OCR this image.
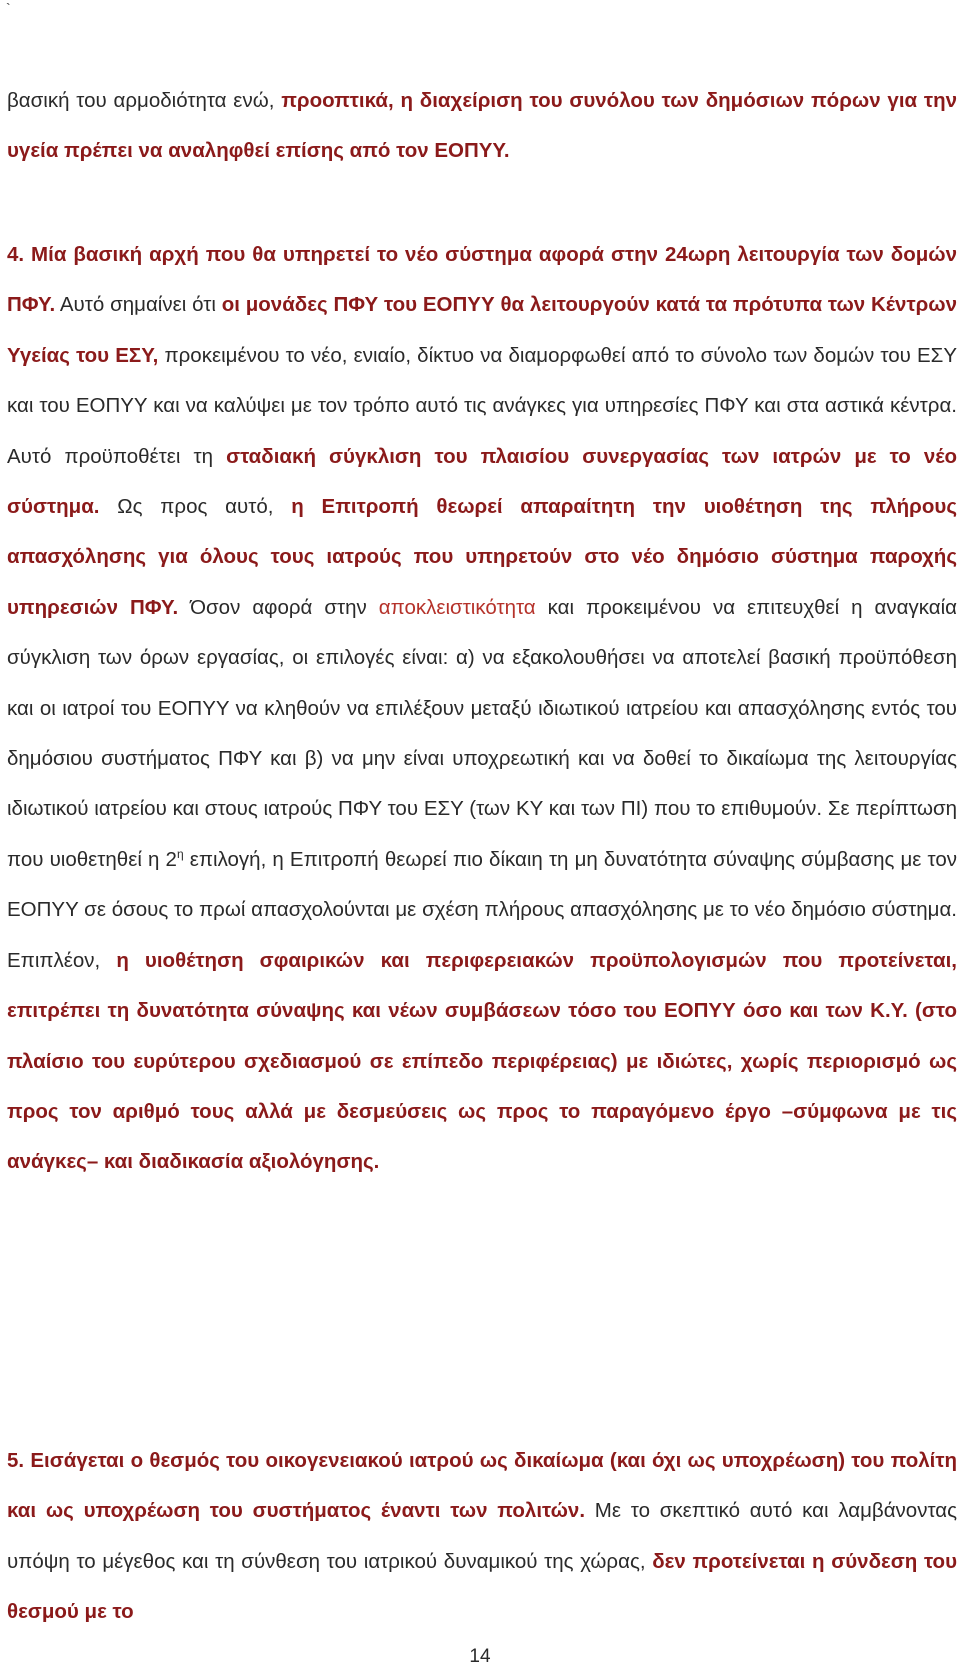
`

βασική του αρμοδιότητα ενώ, προοπτικά, η διαχείριση του συνόλου των δημόσιων πόρων για την υγεία πρέπει να αναληφθεί επίσης από τον ΕΟΠΥΥ.

4. Μία βασική αρχή που θα υπηρετεί το νέο σύστημα αφορά στην 24ωρη λειτουργία των δομών ΠΦΥ. Αυτό σημαίνει ότι οι μονάδες ΠΦΥ του ΕΟΠΥΥ θα λειτουργούν κατά τα πρότυπα των Κέντρων Υγείας του ΕΣΥ, προκειμένου το νέο, ενιαίο, δίκτυο να διαμορφωθεί από το σύνολο των δομών του ΕΣΥ και του ΕΟΠΥΥ και να καλύψει με τον τρόπο αυτό τις ανάγκες για υπηρεσίες ΠΦΥ και στα αστικά κέντρα. Αυτό προϋποθέτει τη σταδιακή σύγκλιση του πλαισίου συνεργασίας των ιατρών με το νέο σύστημα. Ως προς αυτό, η Επιτροπή θεωρεί απαραίτητη την υιοθέτηση της πλήρους απασχόλησης για όλους τους ιατρούς που υπηρετούν στο νέο δημόσιο σύστημα παροχής υπηρεσιών ΠΦΥ. Όσον αφορά στην αποκλειστικότητα και προκειμένου να επιτευχθεί η αναγκαία σύγκλιση των όρων εργασίας, οι επιλογές είναι: α) να εξακολουθήσει να αποτελεί βασική προϋπόθεση και οι ιατροί του ΕΟΠΥΥ να κληθούν να επιλέξουν μεταξύ ιδιωτικού ιατρείου και απασχόλησης εντός του δημόσιου συστήματος ΠΦΥ και β) να μην είναι υποχρεωτική και να δοθεί το δικαίωμα της λειτουργίας ιδιωτικού ιατρείου και στους ιατρούς ΠΦΥ του ΕΣΥ (των ΚΥ και των ΠΙ) που το επιθυμούν. Σε περίπτωση που υιοθετηθεί η $2^\eta$ επιλογή, η Επιτροπή θεωρεί πιο δίκαιη τη μη δυνατότητα σύναψης σύμβασης με τον ΕΟΠΥΥ σε όσους το πρωί απασχολούνται με σχέση πλήρους απασχόλησης με το νέο δημόσιο σύστημα. Επιπλέον, η υιοθέτηση σφαιρικών και περιφερειακών προϋπολογισμών που προτείνεται, επιτρέπει τη δυνατότητα σύναψης και νέων συμβάσεων τόσο του ΕΟΠΥΥ όσο και των Κ.Υ. (στο πλαίσιο του ευρύτερου σχεδιασμού σε επίπεδο περιφέρειας) με ιδιώτες, χωρίς περιορισμό ως προς τον αριθμό τους αλλά με δεσμεύσεις ως προς το παραγόμενο έργο –σύμφωνα με τις ανάγκες– και διαδικασία αξιολόγησης.

5. Εισάγεται ο θεσμός του οικογενειακού ιατρού ως δικαίωμα (και όχι ως υποχρέωση) του πολίτη και ως υποχρέωση του συστήματος έναντι των πολιτών. Με το σκεπτικό αυτό και λαμβάνοντας υπόψη το μέγεθος και τη σύνθεση του ιατρικού δυναμικού της χώρας, δεν προτείνεται η σύνδεση του θεσμού με το

14
